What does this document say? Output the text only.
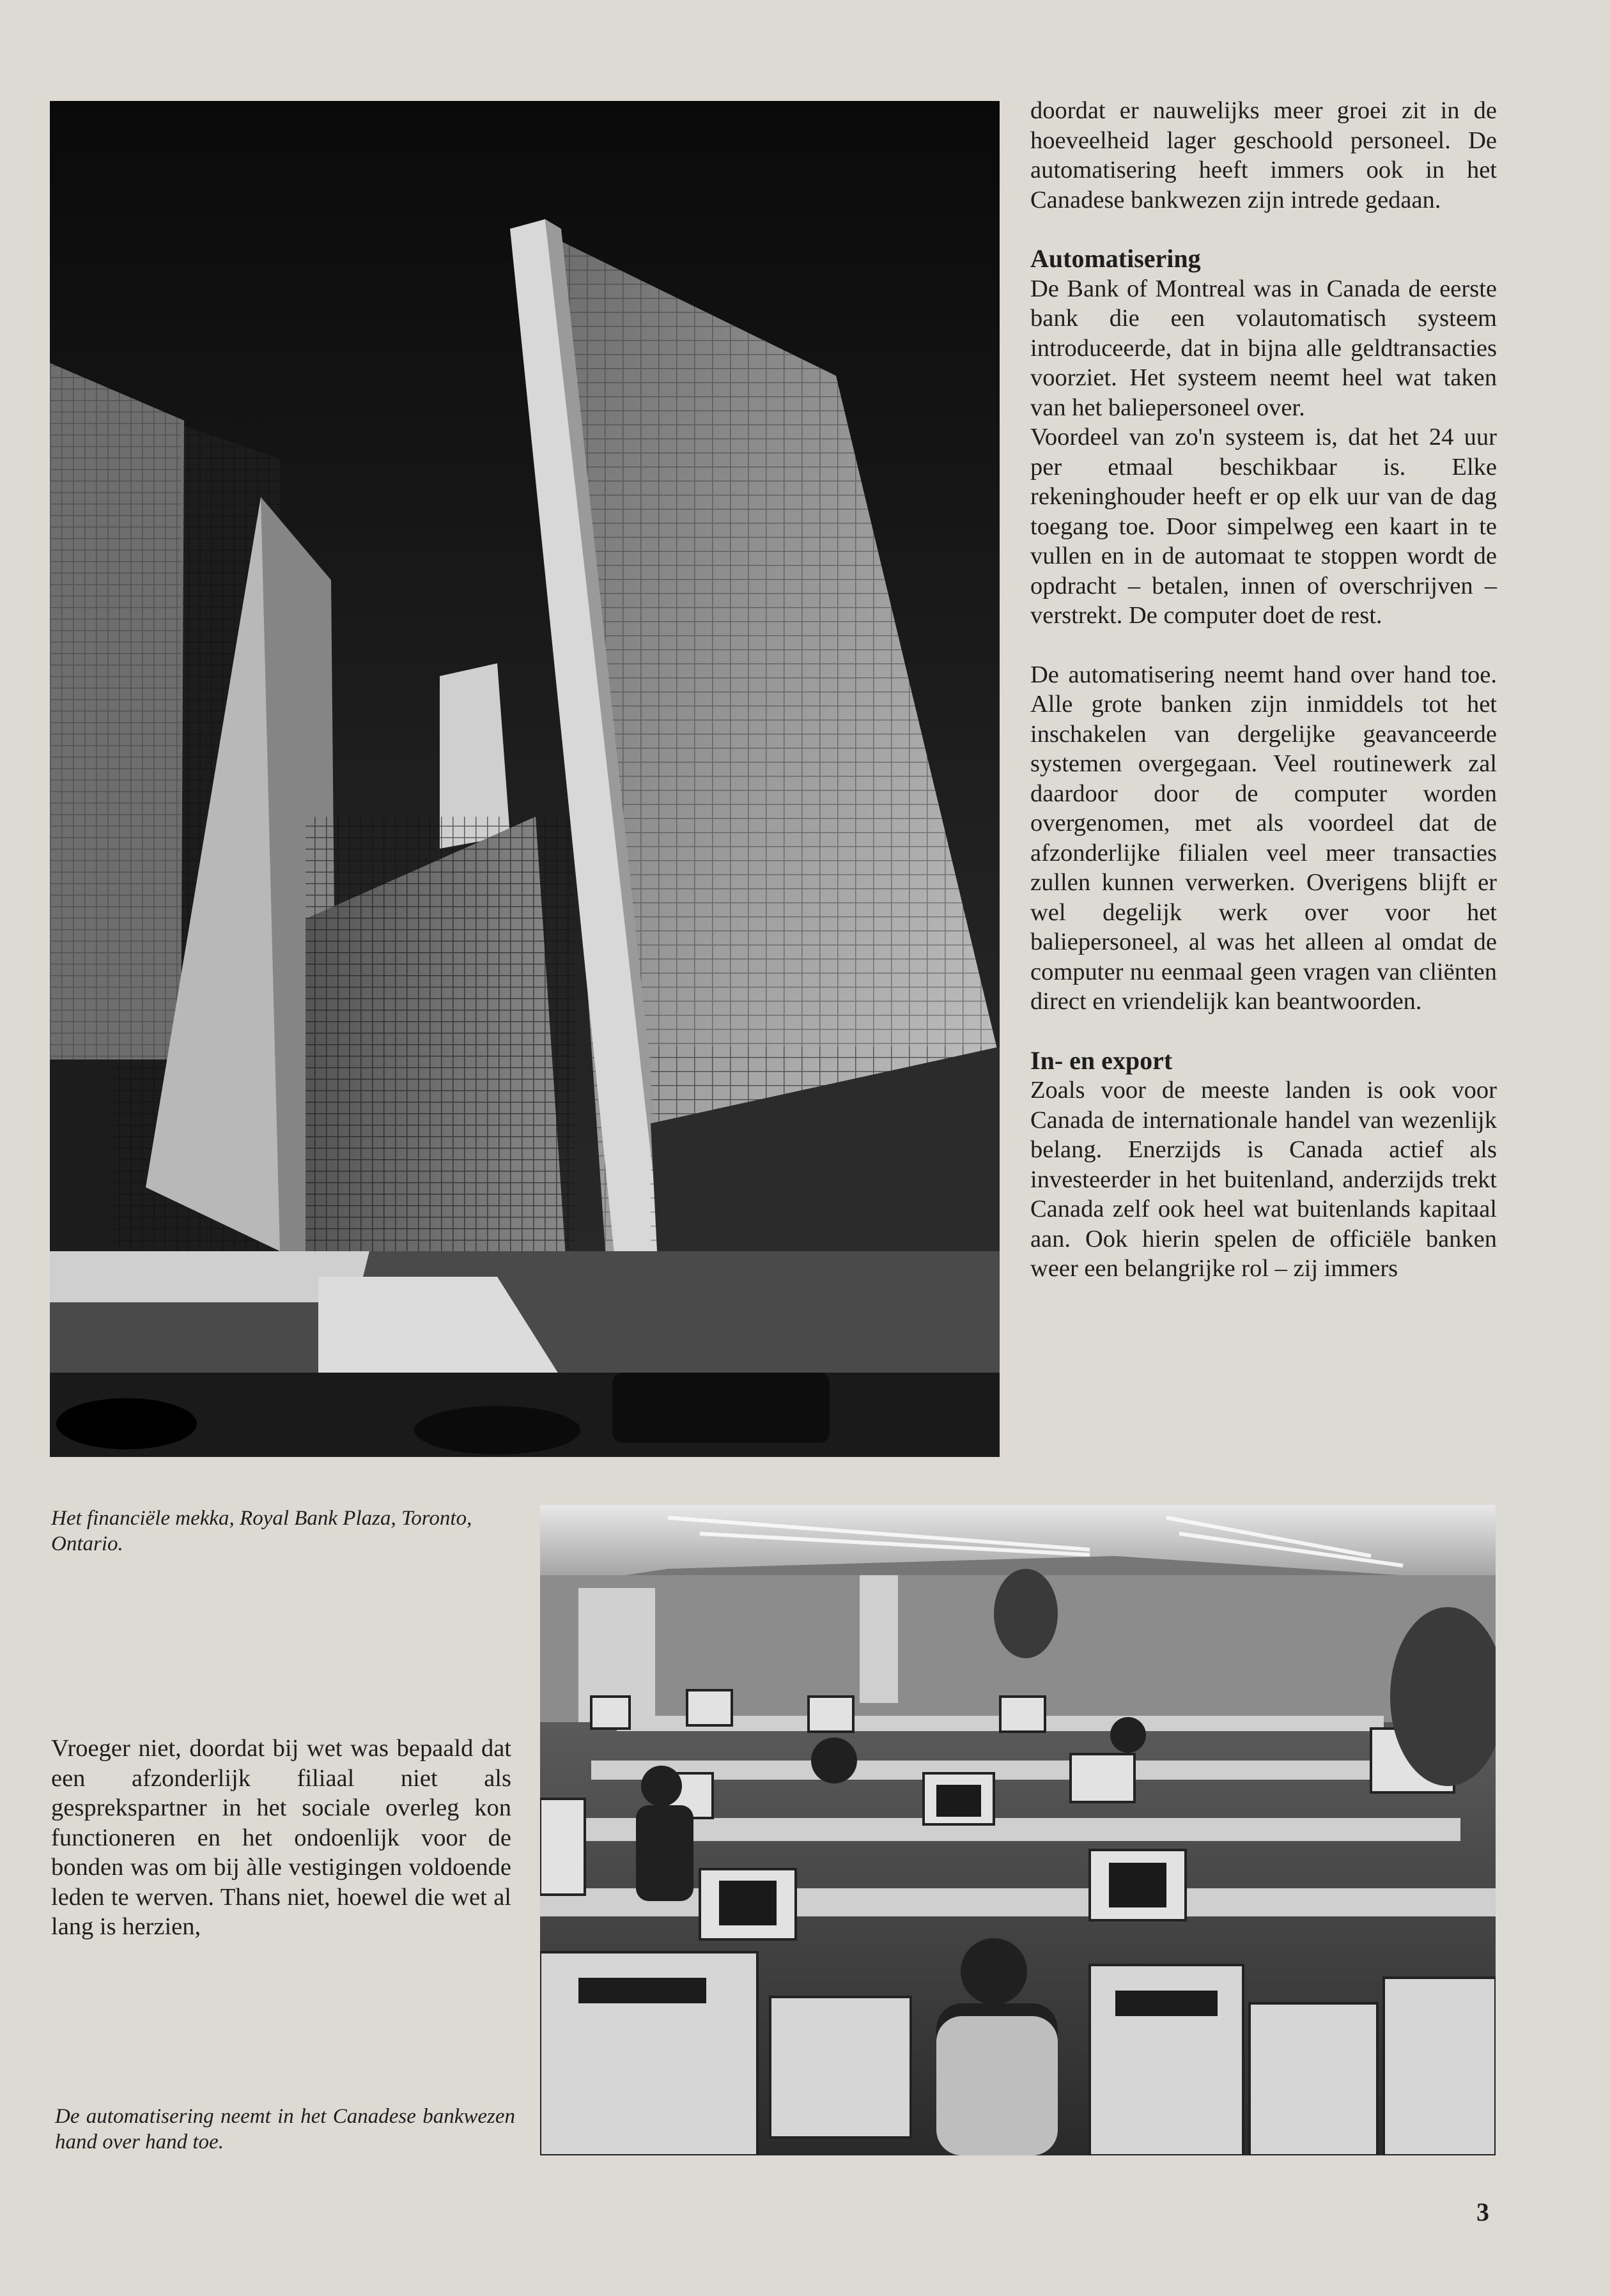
doordat er nauwelijks meer groei zit in de hoeveelheid lager geschoold personeel. De automatisering heeft immers ook in het Canadese bankwezen zijn intrede gedaan.

Automatisering

De Bank of Montreal was in Canada de eerste bank die een volautomatisch systeem introduceerde, dat in bijna alle geldtransacties voorziet. Het systeem neemt heel wat taken van het baliepersoneel over.

Voordeel van zo'n systeem is, dat het 24 uur per etmaal beschikbaar is. Elke rekeninghouder heeft er op elk uur van de dag toegang toe. Door simpelweg een kaart in te vullen en in de automaat te stoppen wordt de opdracht – betalen, innen of overschrijven – verstrekt. De computer doet de rest.

De automatisering neemt hand over hand toe. Alle grote banken zijn inmiddels tot het inschakelen van dergelijke geavanceerde systemen overgegaan. Veel routinewerk zal daardoor door de computer worden overgenomen, met als voordeel dat de afzonderlijke filialen veel meer transacties zullen kunnen verwerken. Overigens blijft er wel degelijk werk over voor het baliepersoneel, al was het alleen al omdat de computer nu eenmaal geen vragen van cliënten direct en vriendelijk kan beantwoorden.

In- en export

Zoals voor de meeste landen is ook voor Canada de internationale handel van wezenlijk belang. Enerzijds is Canada actief als investeerder in het buitenland, anderzijds trekt Canada zelf ook heel wat buitenlands kapitaal aan. Ook hierin spelen de officiële banken weer een belangrijke rol – zij immers

Het financiële mekka, Royal Bank Plaza, Toronto, Ontario.
Vroeger niet, doordat bij wet was bepaald dat een afzonderlijk filiaal niet als gesprekspartner in het sociale overleg kon functioneren en het ondoenlijk voor de bonden was om bij àlle vestigingen voldoende leden te werven. Thans niet, hoewel die wet al lang is herzien,
De automatisering neemt in het Canadese bankwezen hand over hand toe.
3
